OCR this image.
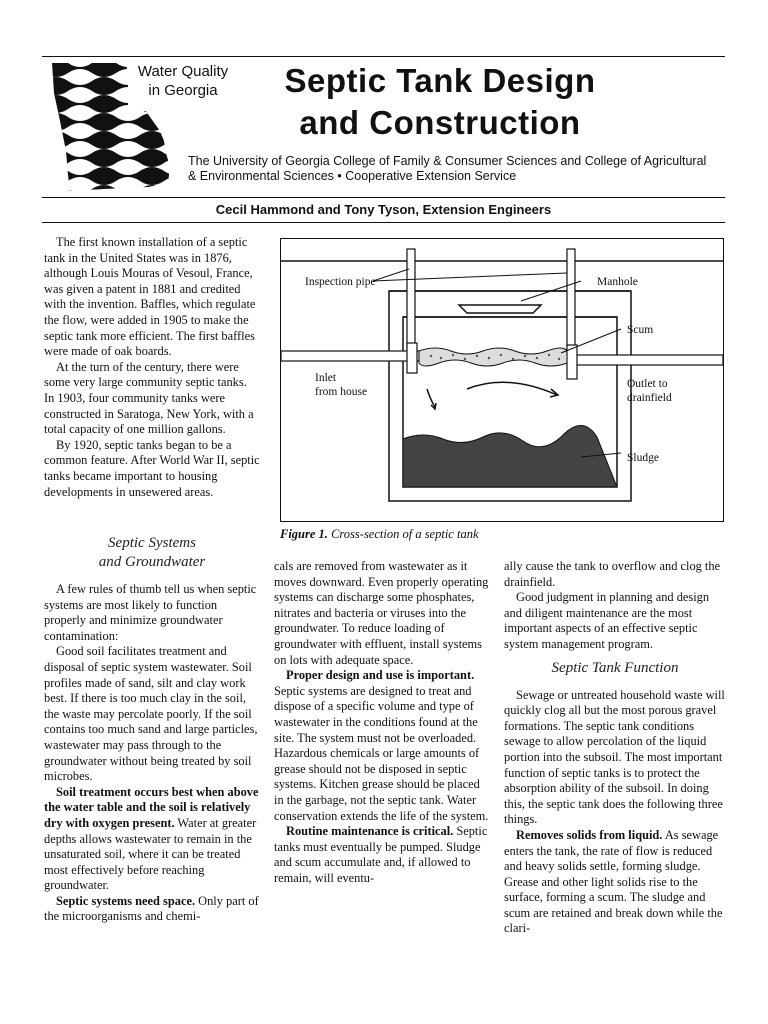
Water Quality
in Georgia	Septic Tank Design
and Construction
The University of Georgia College of Family & Consumer Sciences and College of Agricultural
& Environmental Sciences • Cooperative Extension Service
Cecil Hammond and Tony Tyson, Extension Engineers

The first known installation of a septic tank in the United States was in 1876, although Louis Mouras of Vesoul, France, was given a patent in 1881 and credited with the invention. Baffles, which regulate the flow, were added in 1905 to make the septic tank more efficient. The first baffles were made of oak boards.

At the turn of the century, there were some very large community septic tanks. In 1903, four community tanks were constructed in Saratoga, New York, with a total capacity of one million gallons.

By 1920, septic tanks began to be a common feature. After World War II, septic tanks became important to housing developments in unsewered areas.

Septic Systems
and Groundwater

A few rules of thumb tell us when septic systems are most likely to function properly and minimize groundwater contamination:

Good soil facilitates treatment and disposal of septic system wastewater. Soil profiles made of sand, silt and clay work best. If there is too much clay in the soil, the waste may percolate poorly. If the soil contains too much sand and large particles, wastewater may pass through to the groundwater without being treated by soil microbes.

Soil treatment occurs best when above the water table and the soil is relatively dry with oxygen present. Water at greater depths allows wastewater to remain in the unsaturated soil, where it can be treated most effectively before reaching groundwater.

Septic systems need space. Only part of the microorganisms and chemi-

Inspection pipe	Manhole
Scum
Inlet
from house
Outlet to
drainfield
Sludge
Figure 1. Cross-section of a septic tank

cals are removed from wastewater as it moves downward. Even properly operating systems can discharge some phosphates, nitrates and bacteria or viruses into the groundwater. To reduce loading of groundwater with effluent, install systems on lots with adequate space.

Proper design and use is important. Septic systems are designed to treat and dispose of a specific volume and type of wastewater in the conditions found at the site. The system must not be overloaded. Hazardous chemicals or large amounts of grease should not be disposed in septic systems. Kitchen grease should be placed in the garbage, not the septic tank. Water conservation extends the life of the system.

Routine maintenance is critical. Septic tanks must eventually be pumped. Sludge and scum accumulate and, if allowed to remain, will eventu-

ally cause the tank to overflow and clog the drainfield.

Good judgment in planning and design and diligent maintenance are the most important aspects of an effective septic system management program.

Septic Tank Function

Sewage or untreated household waste will quickly clog all but the most porous gravel formations. The septic tank conditions sewage to allow percolation of the liquid portion into the subsoil. The most important function of septic tanks is to protect the absorption ability of the subsoil. In doing this, the septic tank does the following three things.

Removes solids from liquid. As sewage enters the tank, the rate of flow is reduced and heavy solids settle, forming sludge. Grease and other light solids rise to the surface, forming a scum. The sludge and scum are retained and break down while the clari-
